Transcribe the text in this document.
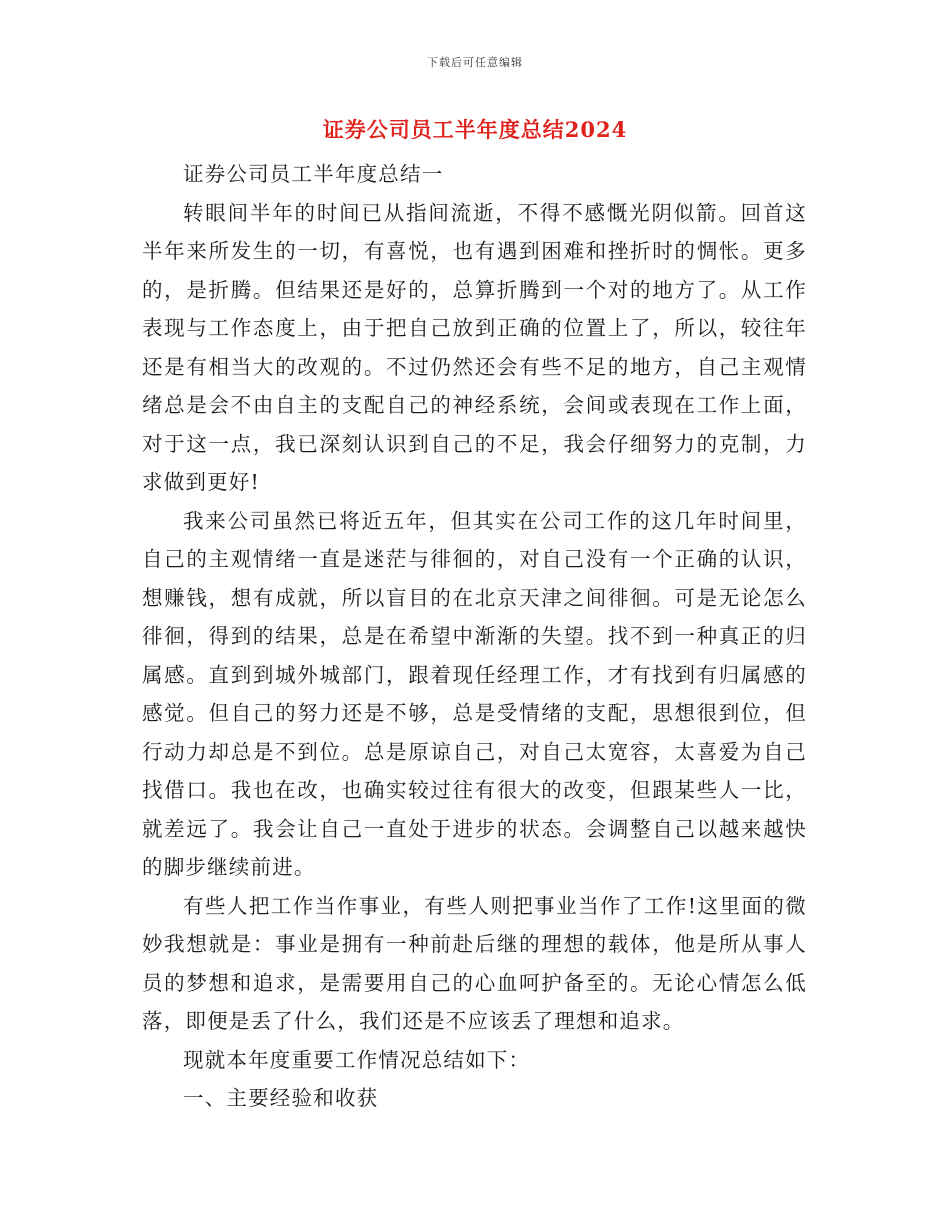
下载后可任意编辑
证券公司员工半年度总结2024

证券公司员工半年度总结一

转眼间半年的时间已从指间流逝，不得不感慨光阴似箭。回首这半年来所发生的一切，有喜悦，也有遇到困难和挫折时的惆怅。更多的，是折腾。但结果还是好的，总算折腾到一个对的地方了。从工作表现与工作态度上，由于把自己放到正确的位置上了，所以，较往年还是有相当大的改观的。不过仍然还会有些不足的地方，自己主观情绪总是会不由自主的支配自己的神经系统，会间或表现在工作上面，对于这一点，我已深刻认识到自己的不足，我会仔细努力的克制，力求做到更好!

我来公司虽然已将近五年，但其实在公司工作的这几年时间里，自己的主观情绪一直是迷茫与徘徊的，对自己没有一个正确的认识，想赚钱，想有成就，所以盲目的在北京天津之间徘徊。可是无论怎么徘徊，得到的结果，总是在希望中渐渐的失望。找不到一种真正的归属感。直到到城外城部门，跟着现任经理工作，才有找到有归属感的感觉。但自己的努力还是不够，总是受情绪的支配，思想很到位，但行动力却总是不到位。总是原谅自己，对自己太宽容，太喜爱为自己找借口。我也在改，也确实较过往有很大的改变，但跟某些人一比，就差远了。我会让自己一直处于进步的状态。会调整自己以越来越快的脚步继续前进。

有些人把工作当作事业，有些人则把事业当作了工作!这里面的微妙我想就是：事业是拥有一种前赴后继的理想的载体，他是所从事人员的梦想和追求，是需要用自己的心血呵护备至的。无论心情怎么低落，即便是丢了什么，我们还是不应该丢了理想和追求。

现就本年度重要工作情况总结如下：

一、主要经验和收获
